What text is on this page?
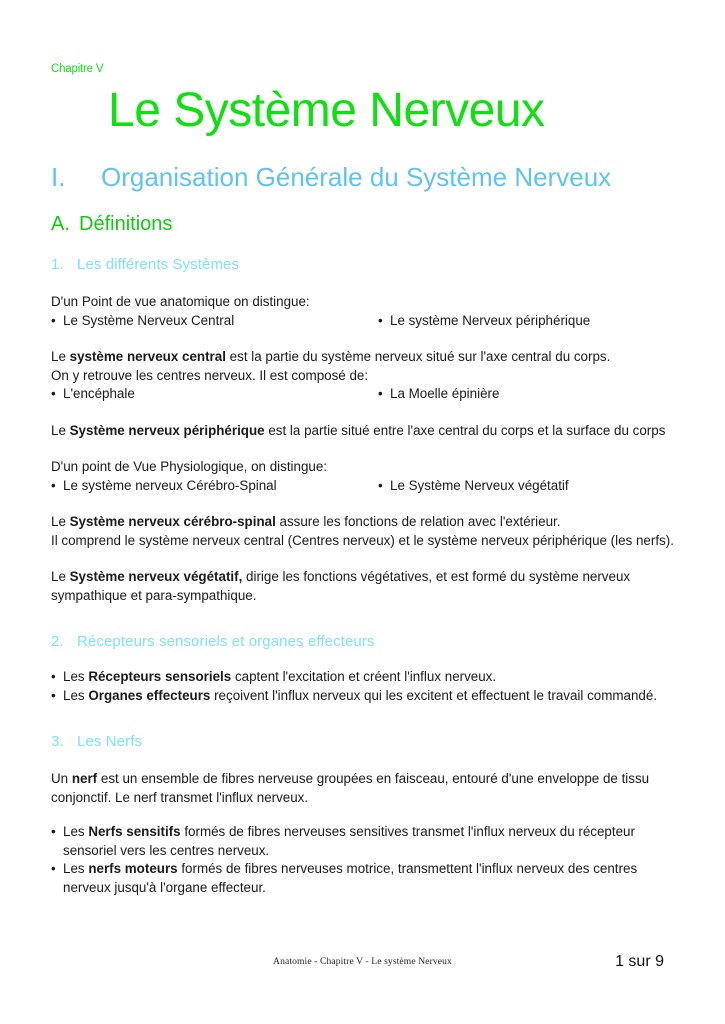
Chapitre V

Le Système Nerveux
I.	Organisation Générale du Système Nerveux
A. Définitions
1. Les différents Systèmes

D'un Point de vue anatomique on distingue:

• Le Système Nerveux Central	• Le système Nerveux périphérique

Le système nerveux central est la partie du système nerveux situé sur l'axe central du corps.

On y retrouve les centres nerveux. Il est composé de:

• L'encéphale	• La Moelle épinière

Le Système nerveux périphérique est la partie situé entre l'axe central du corps et la surface du corps

D'un point de Vue Physiologique, on distingue:

• Le système nerveux Cérébro-Spinal	• Le Système Nerveux végétatif

Le Système nerveux cérébro-spinal assure les fonctions de relation avec l'extérieur.

Il comprend le système nerveux central (Centres nerveux) et le système nerveux périphérique (les nerfs).

Le Système nerveux végétatif, dirige les fonctions végétatives, et est formé du système nerveux sympathique et para-sympathique.

2. Récepteurs sensoriels et organes effecteurs
• Les Récepteurs sensoriels captent l'excitation et créent l'influx nerveux.
• Les Organes effecteurs reçoivent l'influx nerveux qui les excitent et effectuent le travail commandé.
3. Les Nerfs

Un nerf est un ensemble de fibres nerveuse groupées en faisceau, entouré d'une enveloppe de tissu conjonctif. Le nerf transmet l'influx nerveux.

• Les Nerfs sensitifs formés de fibres nerveuses sensitives transmet l'influx nerveux du récepteur sensoriel vers les centres nerveux.
• Les nerfs moteurs formés de fibres nerveuses motrice, transmettent l'influx nerveux des centres nerveux jusqu'à l'organe effecteur.
Anatomie - Chapitre V - Le système Nerveux	1 sur 9
